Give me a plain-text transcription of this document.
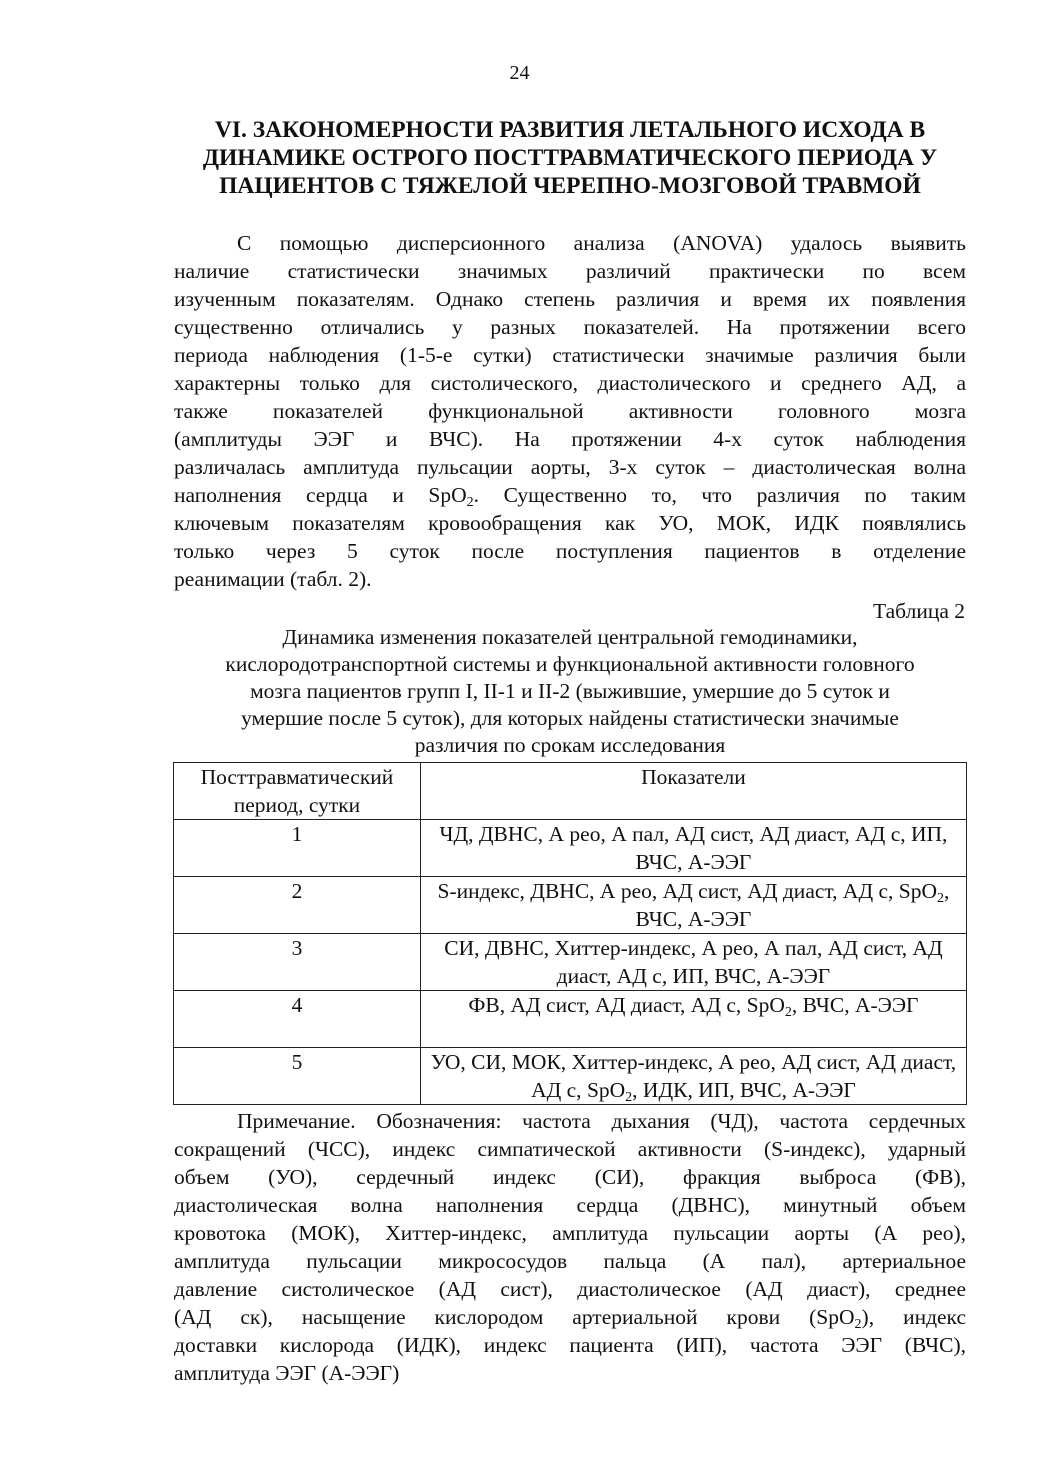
24
VI. ЗАКОНОМЕРНОСТИ РАЗВИТИЯ ЛЕТАЛЬНОГО ИСХОДА В
ДИНАМИКЕ ОСТРОГО ПОСТТРАВМАТИЧЕСКОГО ПЕРИОДА У
ПАЦИЕНТОВ С ТЯЖЕЛОЙ ЧЕРЕПНО-МОЗГОВОЙ ТРАВМОЙ
С помощью дисперсионного анализа (ANOVA) удалось выявить
наличие статистически значимых различий практически по всем
изученным показателям. Однако степень различия и время их появления
существенно отличались у разных показателей. На протяжении всего
периода наблюдения (1-5-е сутки) статистически значимые различия были
характерны только для систолического, диастолического и среднего АД, а
также показателей функциональной активности головного мозга
(амплитуды ЭЭГ и ВЧС). На протяжении 4-х суток наблюдения
различалась амплитуда пульсации аорты, 3-х суток – диастолическая волна
наполнения сердца и SpO$_2$. Существенно то, что различия по таким
ключевым показателям кровообращения как УО, МОК, ИДК появлялись
только через 5 суток после поступления пациентов в отделение
реанимации (табл. 2).
Таблица 2
Динамика изменения показателей центральной гемодинамики,
кислородотранспортной системы и функциональной активности головного
мозга пациентов групп I, II-1 и II-2 (выжившие, умершие до 5 суток и
умершие после 5 суток), для которых найдены статистически значимые
различия по срокам исследования
Посттравматический период, сутки	Показатели
1	ЧД, ДВНС, А рео, А пал, АД сист, АД диаст, АД с, ИП, ВЧС, А-ЭЭГ
2	S-индекс, ДВНС, А рео, АД сист, АД диаст, АД с, SpO$_2$, ВЧС, А-ЭЭГ
3	СИ, ДВНС, Хиттер-индекс, А рео, А пал, АД сист, АД диаст, АД с, ИП, ВЧС, А-ЭЭГ
4	ФВ, АД сист, АД диаст, АД с, SpO$_2$, ВЧС, А-ЭЭГ
5	УО, СИ, МОК, Хиттер-индекс, А рео, АД сист, АД диаст, АД с, SpO$_2$, ИДК, ИП, ВЧС, А-ЭЭГ
Примечание. Обозначения: частота дыхания (ЧД), частота сердечных
сокращений (ЧСС), индекс симпатической активности (S-индекс), ударный
объем (УО), сердечный индекс (СИ), фракция выброса (ФВ),
диастолическая волна наполнения сердца (ДВНС), минутный объем
кровотока (МОК), Хиттер-индекс, амплитуда пульсации аорты (А рео),
амплитуда пульсации микрососудов пальца (А пал), артериальное
давление систолическое (АД сист), диастолическое (АД диаст), среднее
(АД ск), насыщение кислородом артериальной крови (SpO$_2$), индекс
доставки кислорода (ИДК), индекс пациента (ИП), частота ЭЭГ (ВЧС),
амплитуда ЭЭГ (А-ЭЭГ)
